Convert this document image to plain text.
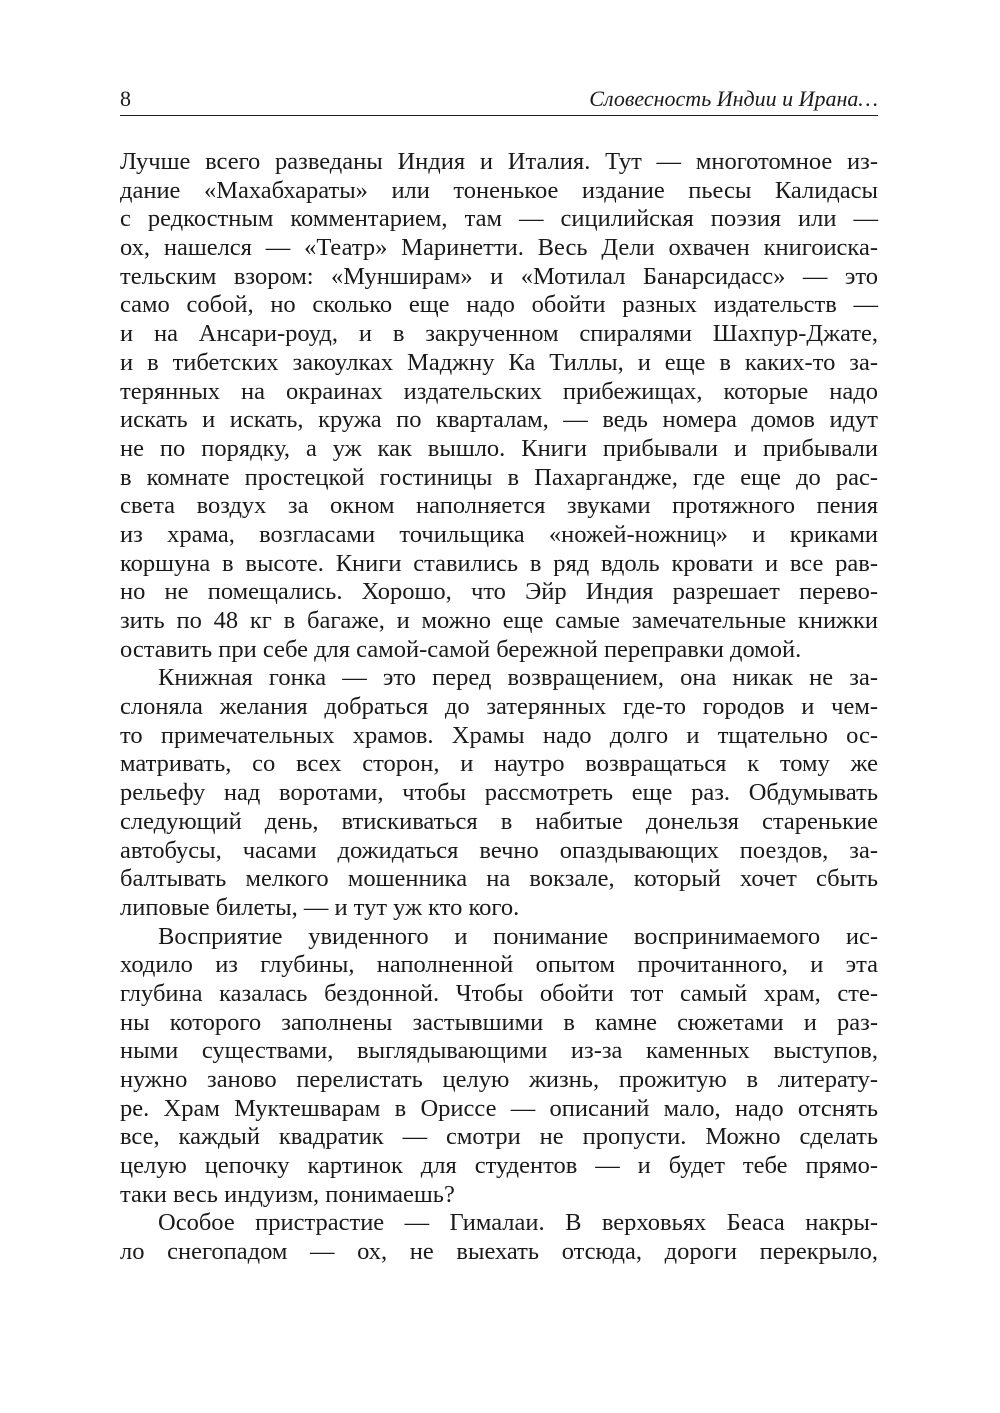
8	Словесность Индии и Ирана…
Лучше всего разведаны Индия и Италия. Тут — многотомное из-
дание «Махабхараты» или тоненькое издание пьесы Калидасы
с редкостным комментарием, там — сицилийская поэзия или —
ох, нашелся — «Театр» Маринетти. Весь Дели охвачен книгоиска-
тельским взором: «Мунширам» и «Мотилал Банарсидасс» — это
само собой, но сколько еще надо обойти разных издательств —
и на Ансари-роуд, и в закрученном спиралями Шахпур-Джате,
и в тибетских закоулках Маджну Ка Тиллы, и еще в каких-то за-
терянных на окраинах издательских прибежищах, которые надо
искать и искать, кружа по кварталам, — ведь номера домов идут
не по порядку, а уж как вышло. Книги прибывали и прибывали
в комнате простецкой гостиницы в Пахаргандже, где еще до рас-
света воздух за окном наполняется звуками протяжного пения
из храма, возгласами точильщика «ножей-ножниц» и криками
коршуна в высоте. Книги ставились в ряд вдоль кровати и все рав-
но не помещались. Хорошо, что Эйр Индия разрешает перево-
зить по 48 кг в багаже, и можно еще самые замечательные книжки
оставить при себе для самой-самой бережной переправки домой.
Книжная гонка — это перед возвращением, она никак не за-
слоняла желания добраться до затерянных где-то городов и чем-
то примечательных храмов. Храмы надо долго и тщательно ос-
матривать, со всех сторон, и наутро возвращаться к тому же
рельефу над воротами, чтобы рассмотреть еще раз. Обдумывать
следующий день, втискиваться в набитые донельзя старенькие
автобусы, часами дожидаться вечно опаздывающих поездов, за-
балтывать мелкого мошенника на вокзале, который хочет сбыть
липовые билеты, — и тут уж кто кого.
Восприятие увиденного и понимание воспринимаемого ис-
ходило из глубины, наполненной опытом прочитанного, и эта
глубина казалась бездонной. Чтобы обойти тот самый храм, сте-
ны которого заполнены застывшими в камне сюжетами и раз-
ными существами, выглядывающими из-за каменных выступов,
нужно заново перелистать целую жизнь, прожитую в литерату-
ре. Храм Муктешварам в Ориссе — описаний мало, надо отснять
все, каждый квадратик — смотри не пропусти. Можно сделать
целую цепочку картинок для студентов — и будет тебе прямо-
таки весь индуизм, понимаешь?
Особое пристрастие — Гималаи. В верховьях Беаса накры-
ло снегопадом — ох, не выехать отсюда, дороги перекрыло,
